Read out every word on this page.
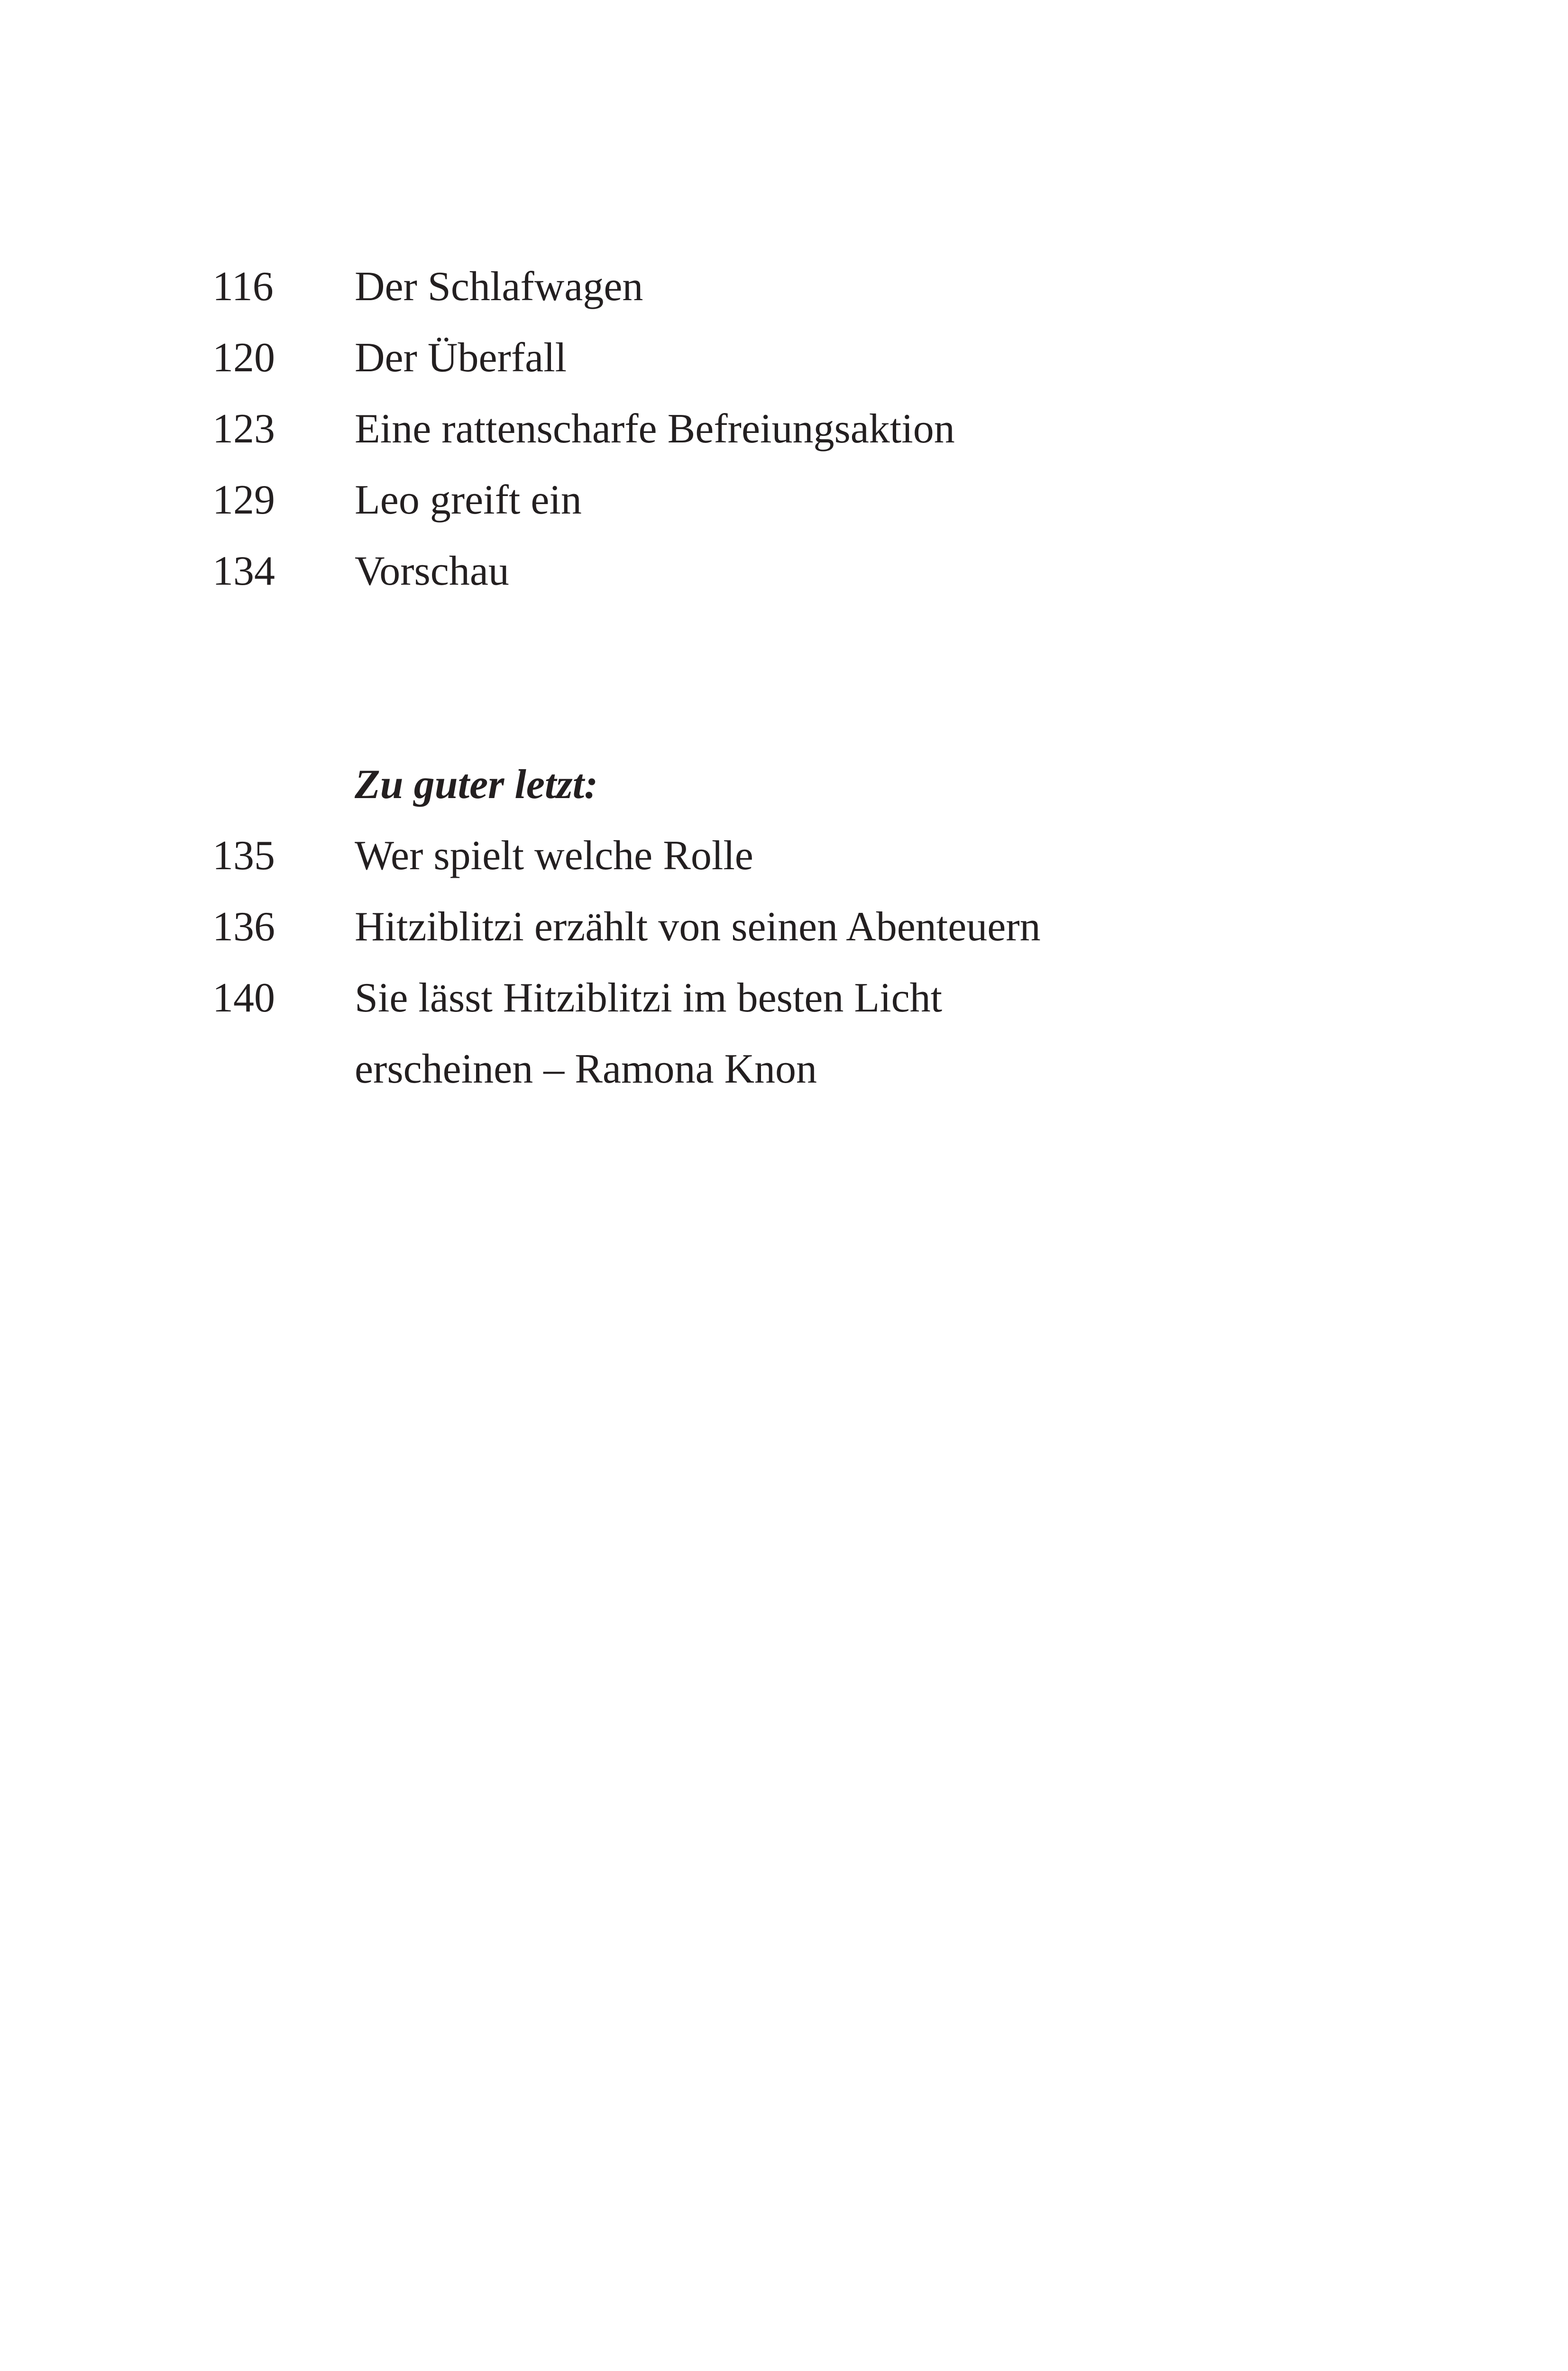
116 Der Schlafwagen
120 Der Überfall
123 Eine rattenscharfe Befreiungsaktion
129 Leo greift ein
134 Vorschau
Zu guter letzt:
135 Wer spielt welche Rolle
136 Hitziblitzi erzählt von seinen Abenteuern
140 Sie lässt Hitziblitzi im besten Licht
erscheinen – Ramona Knon
